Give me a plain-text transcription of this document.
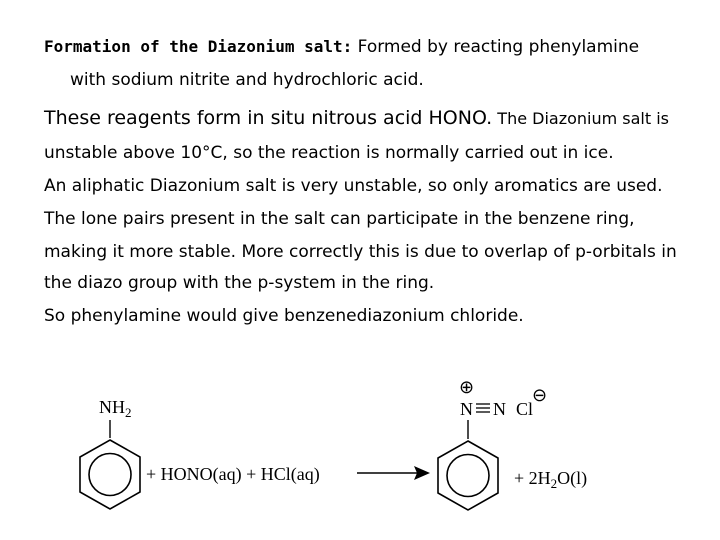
Formation of the Diazonium salt: Formed by reacting phenylamine
with sodium nitrite and hydrochloric acid.
These reagents form in situ nitrous acid HONO. The Diazonium salt is
unstable above 10°C, so the reaction is normally carried out in ice.
An aliphatic Diazonium salt is very unstable, so only aromatics are used.
The lone pairs present in the salt can participate in the benzene ring,
making it more stable. More correctly this is due to overlap of p-orbitals in
the diazo group with the p-system in the ring.
So phenylamine would give benzenediazonium chloride.
$NH_2$
+ HONO(aq) + HCl(aq)
⊕
N N Cl
⊖
+ $2H_2O(l)$
